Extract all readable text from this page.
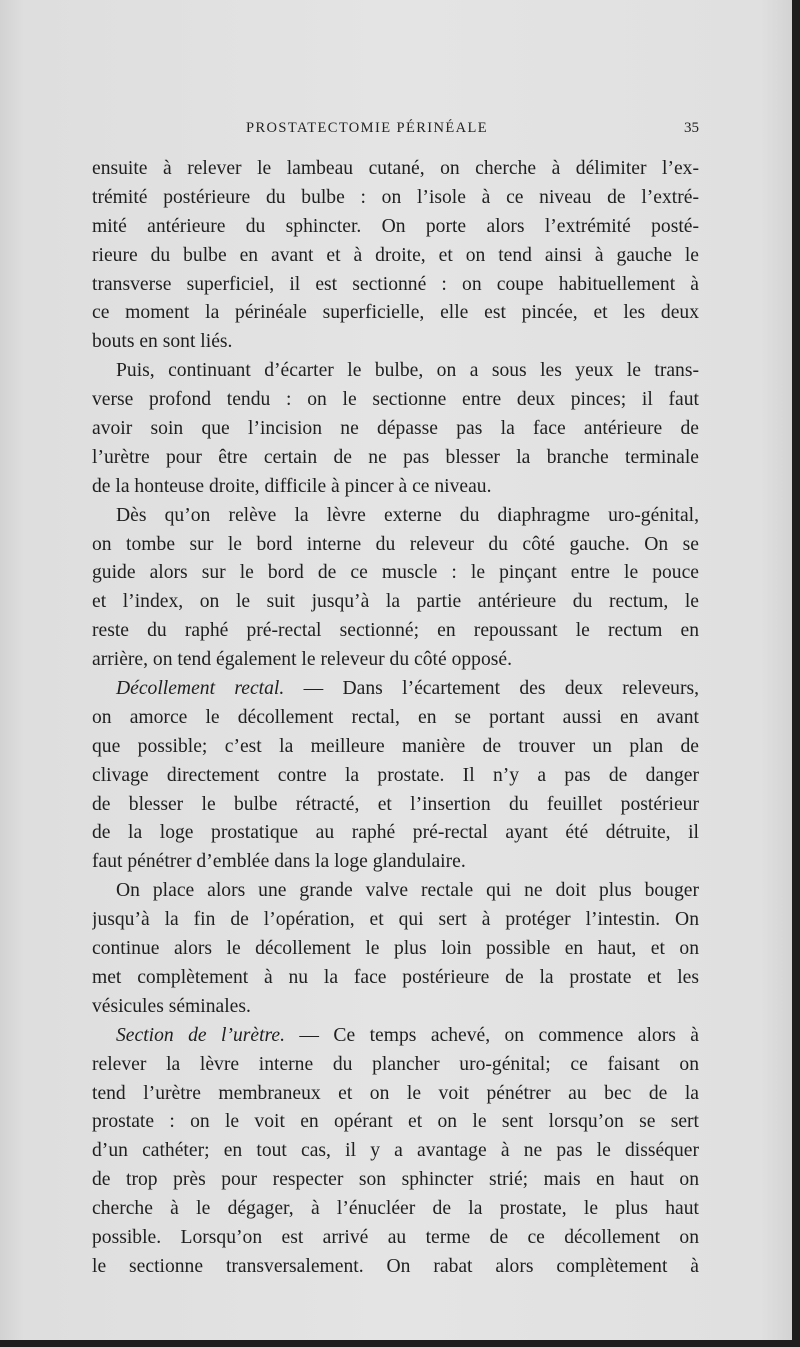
PROSTATECTOMIE PÉRINÉALE	35
ensuite à relever le lambeau cutané, on cherche à délimiter l’ex-
trémité postérieure du bulbe : on l’isole à ce niveau de l’extré-
mité antérieure du sphincter. On porte alors l’extrémité posté-
rieure du bulbe en avant et à droite, et on tend ainsi à gauche le
transverse superficiel, il est sectionné : on coupe habituellement à
ce moment la périnéale superficielle, elle est pincée, et les deux
bouts en sont liés.
Puis, continuant d’écarter le bulbe, on a sous les yeux le trans-
verse profond tendu : on le sectionne entre deux pinces; il faut
avoir soin que l’incision ne dépasse pas la face antérieure de
l’urètre pour être certain de ne pas blesser la branche terminale
de la honteuse droite, difficile à pincer à ce niveau.
Dès qu’on relève la lèvre externe du diaphragme uro-génital,
on tombe sur le bord interne du releveur du côté gauche. On se
guide alors sur le bord de ce muscle : le pinçant entre le pouce
et l’index, on le suit jusqu’à la partie antérieure du rectum, le
reste du raphé pré-rectal sectionné; en repoussant le rectum en
arrière, on tend également le releveur du côté opposé.
Décollement rectal. — Dans l’écartement des deux releveurs,
on amorce le décollement rectal, en se portant aussi en avant
que possible; c’est la meilleure manière de trouver un plan de
clivage directement contre la prostate. Il n’y a pas de danger
de blesser le bulbe rétracté, et l’insertion du feuillet postérieur
de la loge prostatique au raphé pré-rectal ayant été détruite, il
faut pénétrer d’emblée dans la loge glandulaire.
On place alors une grande valve rectale qui ne doit plus bouger
jusqu’à la fin de l’opération, et qui sert à protéger l’intestin. On
continue alors le décollement le plus loin possible en haut, et on
met complètement à nu la face postérieure de la prostate et les
vésicules séminales.
Section de l’urètre. — Ce temps achevé, on commence alors à
relever la lèvre interne du plancher uro-génital; ce faisant on
tend l’urètre membraneux et on le voit pénétrer au bec de la
prostate : on le voit en opérant et on le sent lorsqu’on se sert
d’un cathéter; en tout cas, il y a avantage à ne pas le disséquer
de trop près pour respecter son sphincter strié; mais en haut on
cherche à le dégager, à l’énucléer de la prostate, le plus haut
possible. Lorsqu’on est arrivé au terme de ce décollement on
le sectionne transversalement. On rabat alors complètement à
